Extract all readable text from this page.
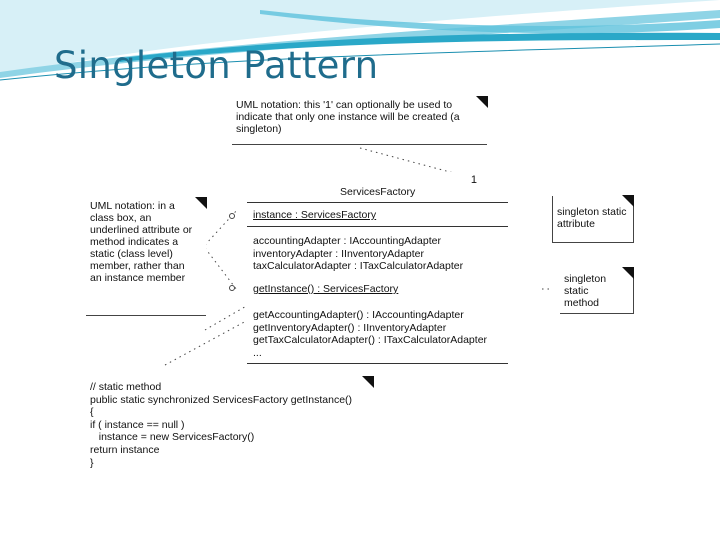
Singleton Pattern

UML notation: this '1' can optionally be used to
indicate that only one instance will be created (a
singleton)

UML notation: in a
class box, an
underlined attribute or
method indicates a
static (class level)
member, rather than
an instance member

singleton static
attribute

singleton
static
method

1
ServicesFactory
instance : ServicesFactory
accountingAdapter : IAccountingAdapter
inventoryAdapter : IInventoryAdapter
taxCalculatorAdapter : ITaxCalculatorAdapter
getInstance() : ServicesFactory
getAccountingAdapter() : IAccountingAdapter
getInventoryAdapter() : IInventoryAdapter
getTaxCalculatorAdapter() : ITaxCalculatorAdapter
...

// static method

public static synchronized ServicesFactory getInstance()

{

if ( instance == null )

instance = new ServicesFactory()

return instance

}
